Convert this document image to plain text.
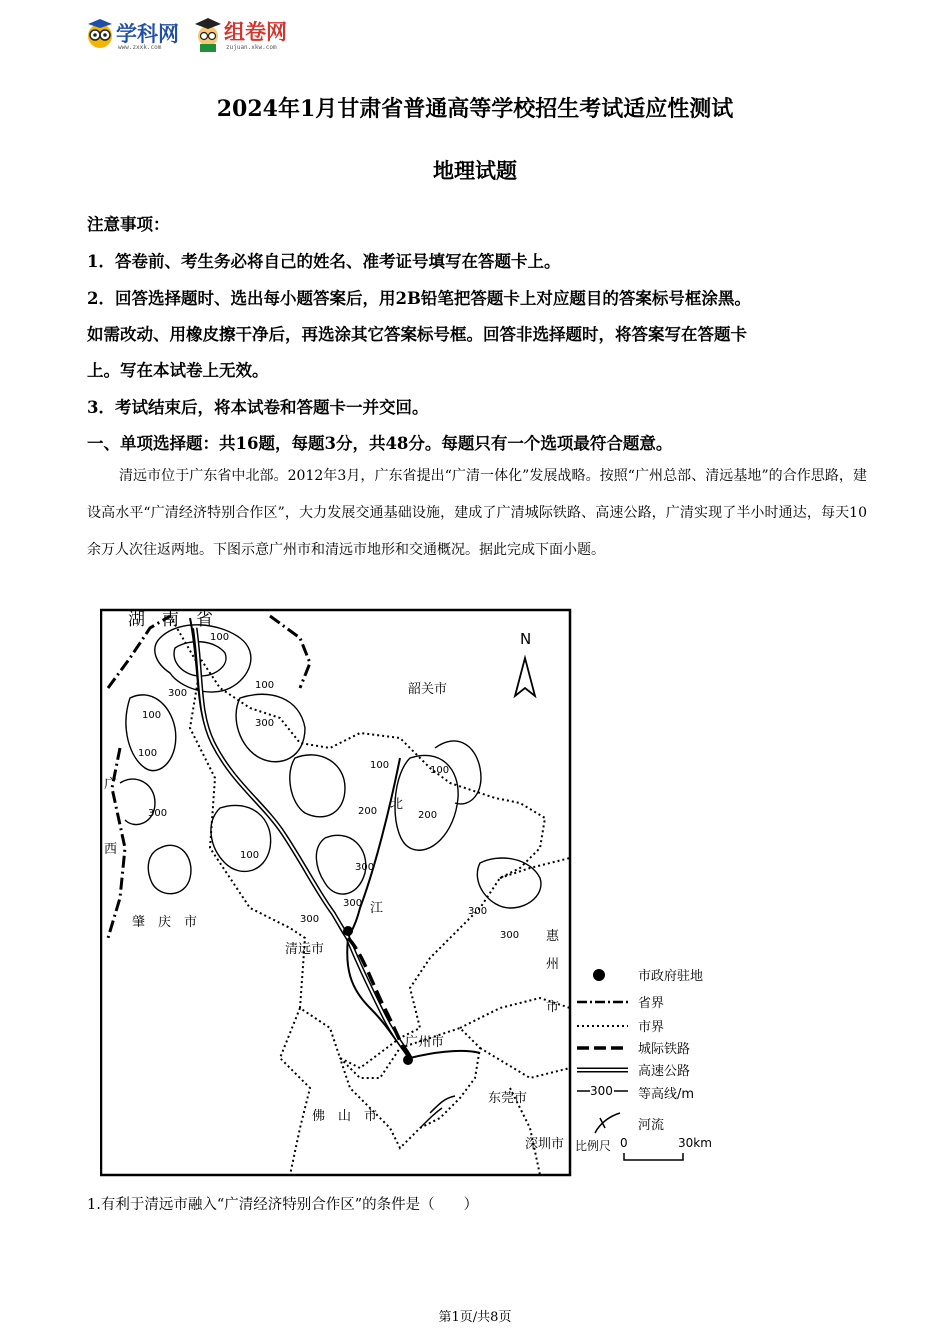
学科网
www.zxxk.com
组卷网
zujuan.xkw.com
2024年1月甘肃省普通高等学校招生考试适应性测试
地理试题
注意事项：
1．答卷前、考生务必将自己的姓名、准考证号填写在答题卡上。
2．回答选择题时、选出每小题答案后，用2B铅笔把答题卡上对应题目的答案标号框涂黑。
如需改动、用橡皮擦干净后，再选涂其它答案标号框。回答非选择题时，将答案写在答题卡
上。写在本试卷上无效。
3．考试结束后，将本试卷和答题卡一并交回。
一、单项选择题：共16题，每题3分，共48分。每题只有一个选项最符合题意。
清远市位于广东省中北部。2012年3月，广东省提出“广清一体化”发展战略。按照“广州总部、清远基地”的合作思路，建设高水平“广清经济特别合作区”，大力发展交通基础设施，建成了广清城际铁路、高速公路，广清实现了半小时通达，每天10余万人次往返两地。下图示意广州市和清远市地形和交通概况。据此完成下面小题。
N
湖　南　省
韶关市
肇　庆　市
清远市
广州市
佛　山　市
东莞市
深圳市
惠
州
市
广
西
北
江
100
100
300
100
300
100
200
100
300
100
300
300
300
200
100
300
300
市政府驻地
省界
市界
城际铁路
高速公路
300 等高线/m
河流
比例尺 0	30km
1.有利于清远市融入“广清经济特别合作区”的条件是（　　）
第1页/共8页
